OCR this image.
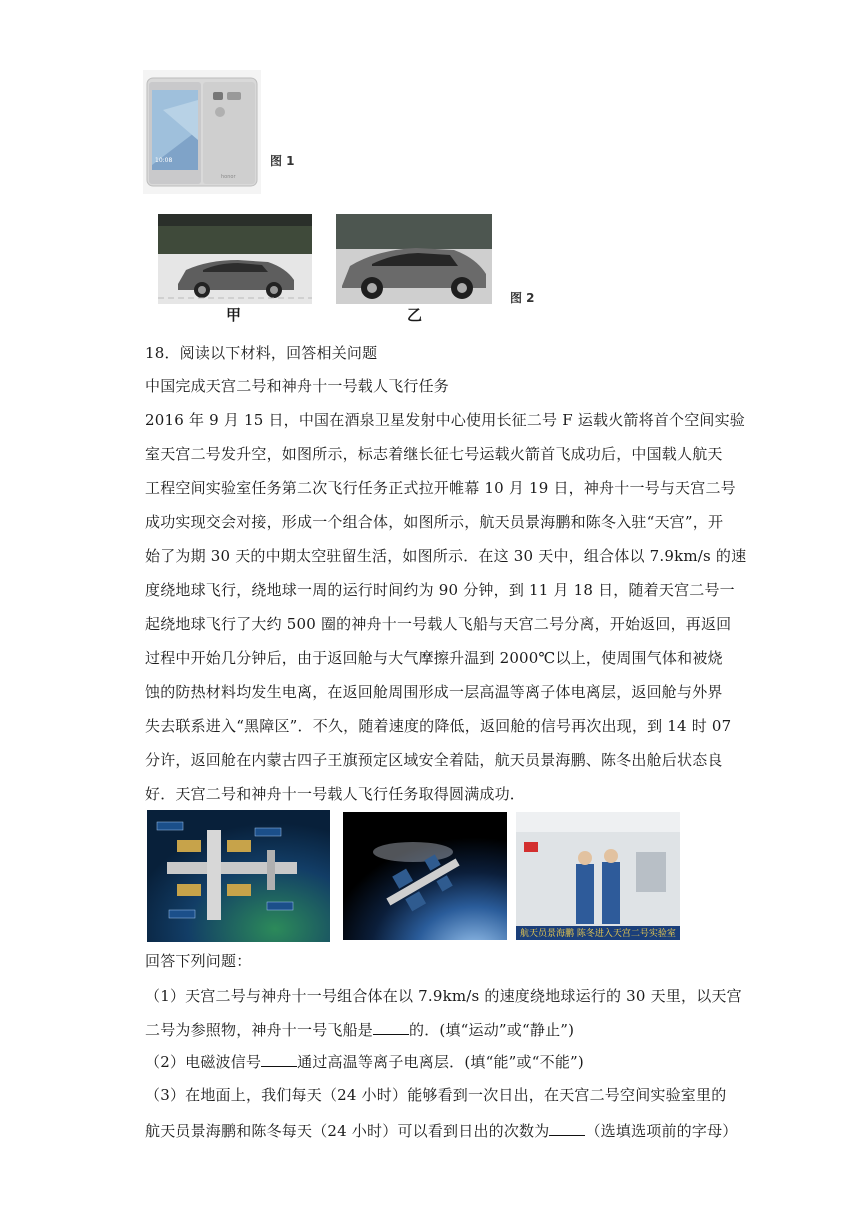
10:08
honor
图 1
甲	乙
图 2
18．阅读以下材料，回答相关问题
中国完成天宫二号和神舟十一号载人飞行任务
2016 年 9 月 15 日，中国在酒泉卫星发射中心使用长征二号 F 运载火箭将首个空间实验
室天宫二号发升空，如图所示，标志着继长征七号运载火箭首飞成功后，中国载人航天
工程空间实验室任务第二次飞行任务正式拉开帷幕 10 月 19 日，神舟十一号与天宫二号
成功实现交会对接，形成一个组合体，如图所示，航天员景海鹏和陈冬入驻“天宫”，开
始了为期 30 天的中期太空驻留生活，如图所示．在这 30 天中，组合体以 7.9km/s 的速
度绕地球飞行，绕地球一周的运行时间约为 90 分钟，到 11 月 18 日，随着天宫二号一
起绕地球飞行了大约 500 圈的神舟十一号载人飞船与天宫二号分离，开始返回，再返回
过程中开始几分钟后，由于返回舱与大气摩擦升温到 2000℃以上，使周围气体和被烧
蚀的防热材料均发生电离，在返回舱周围形成一层高温等离子体电离层，返回舱与外界
失去联系进入“黑障区”．不久，随着速度的降低，返回舱的信号再次出现，到 14 时 07
分许，返回舱在内蒙古四子王旗预定区域安全着陆，航天员景海鹏、陈冬出舱后状态良
好．天宫二号和神舟十一号载人飞行任务取得圆满成功．
航天员景海鹏 陈冬进入天宫二号实验室
回答下列问题：
（1）天宫二号与神舟十一号组合体在以 7.9km/s 的速度绕地球运行的 30 天里，以天宫
二号为参照物，神舟十一号飞船是 的．(填“运动”或“静止”)
（2）电磁波信号 通过高温等离子电离层．(填“能”或“不能”)
（3）在地面上，我们每天（24 小时）能够看到一次日出，在天宫二号空间实验室里的
航天员景海鹏和陈冬每天（24 小时）可以看到日出的次数为 （选填选项前的字母）
